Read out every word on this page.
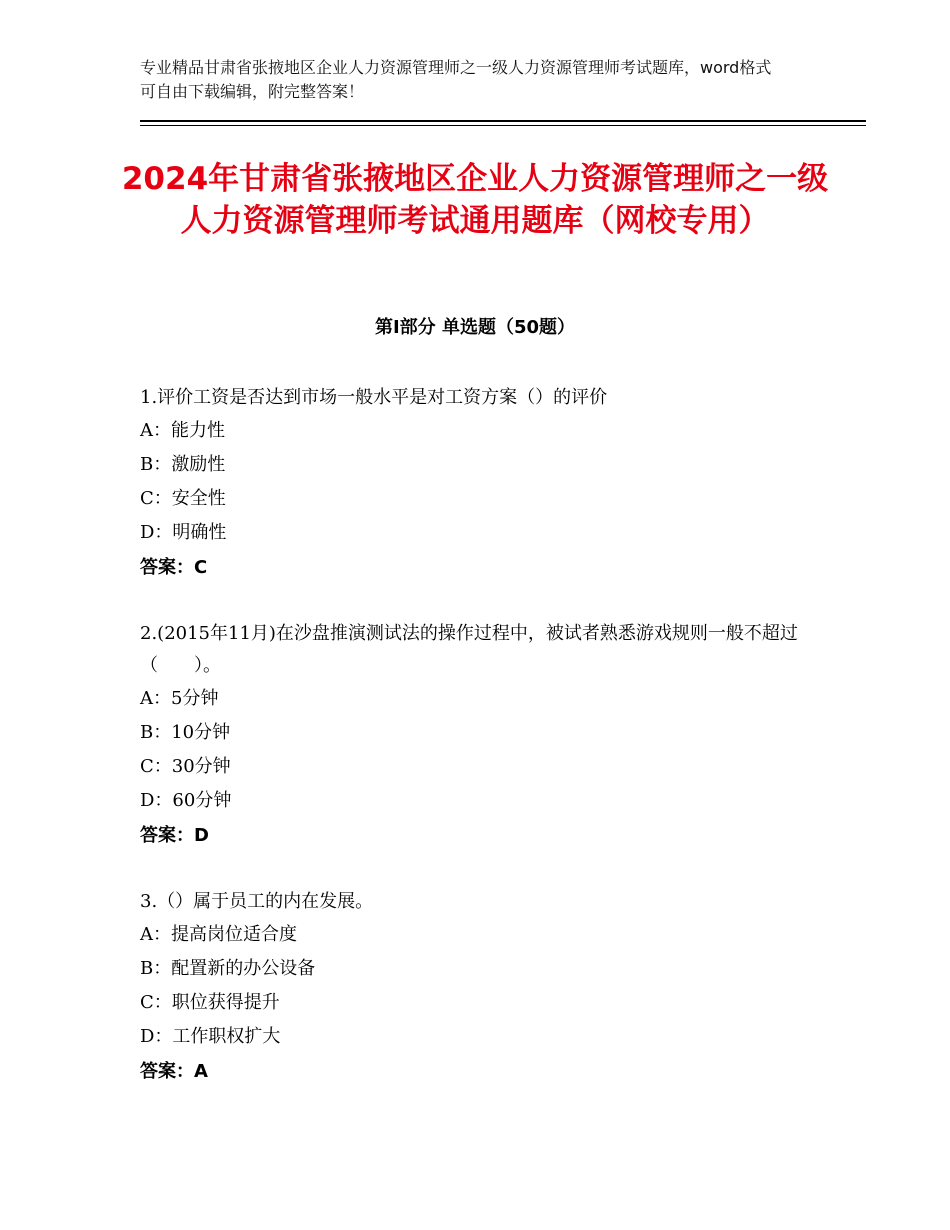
专业精品甘肃省张掖地区企业人力资源管理师之一级人力资源管理师考试题库，word格式可自由下载编辑，附完整答案！
2024年甘肃省张掖地区企业人力资源管理师之一级人力资源管理师考试通用题库（网校专用）
第Ⅰ部分 单选题（50题）

1.评价工资是否达到市场一般水平是对工资方案（）的评价

A：能力性

B：激励性

C：安全性

D：明确性

答案：C

2.(2015年11月)在沙盘推演测试法的操作过程中，被试者熟悉游戏规则一般不超过（　　）。

A：5分钟

B：10分钟

C：30分钟

D：60分钟

答案：D

3.（）属于员工的内在发展。

A：提高岗位适合度

B：配置新的办公设备

C：职位获得提升

D：工作职权扩大

答案：A
